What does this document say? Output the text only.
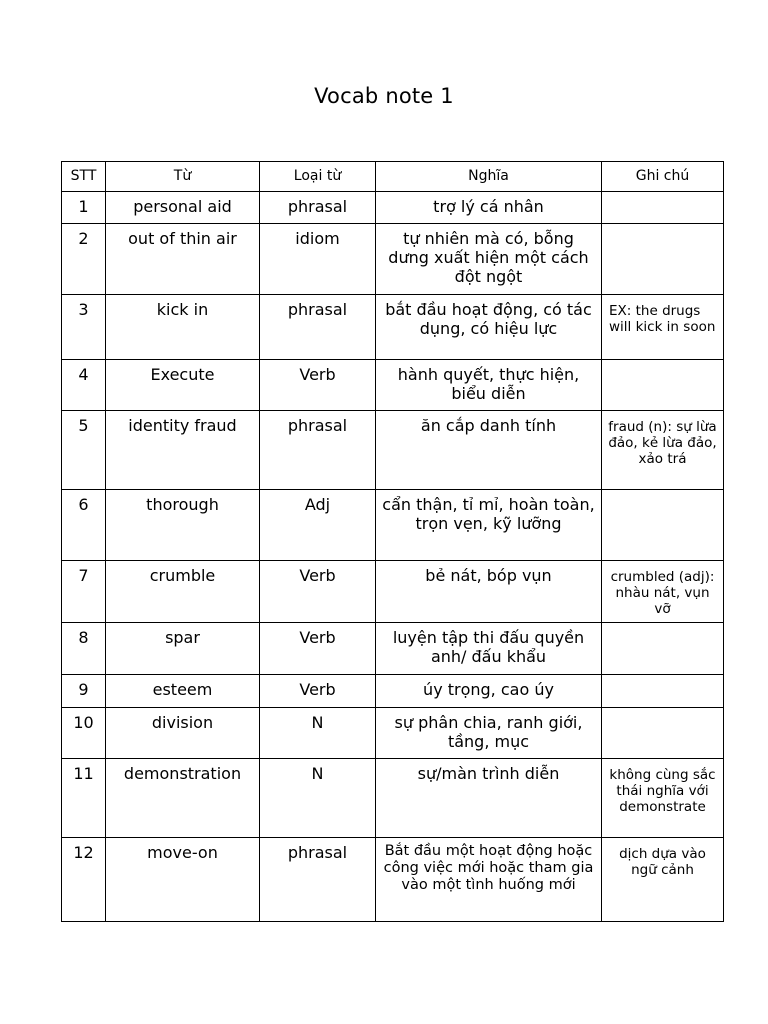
Vocab note 1
STT	Từ	Loại từ	Nghĩa	Ghi chú

1	personal aid	phrasal	trợ lý cá nhân	

2	out of thin air	idiom	tự nhiên mà có, bỗng dưng xuất hiện một cách đột ngột	

3	kick in	phrasal	bắt đầu hoạt động, có tác dụng, có hiệu lực	EX: the drugs will kick in soon

4	Execute	Verb	hành quyết, thực hiện, biểu diễn	

5	identity fraud	phrasal	ăn cắp danh tính	fraud (n): sự lừa đảo, kẻ lừa đảo, xảo trá

6	thorough	Adj	cẩn thận, tỉ mỉ, hoàn toàn, trọn vẹn, kỹ lưỡng	

7	crumble	Verb	bẻ nát, bóp vụn	crumbled (adj): nhàu nát, vụn vỡ

8	spar	Verb	luyện tập thi đấu quyền anh/ đấu khẩu	

9	esteem	Verb	úy trọng, cao úy	

10	division	N	sự phân chia, ranh giới, tầng, mục	

11	demonstration	N	sự/màn trình diễn	không cùng sắc thái nghĩa với demonstrate

12	move-on	phrasal	Bắt đầu một hoạt động hoặc công việc mới hoặc tham gia vào một tình huống mới	dịch dựa vào ngữ cảnh
